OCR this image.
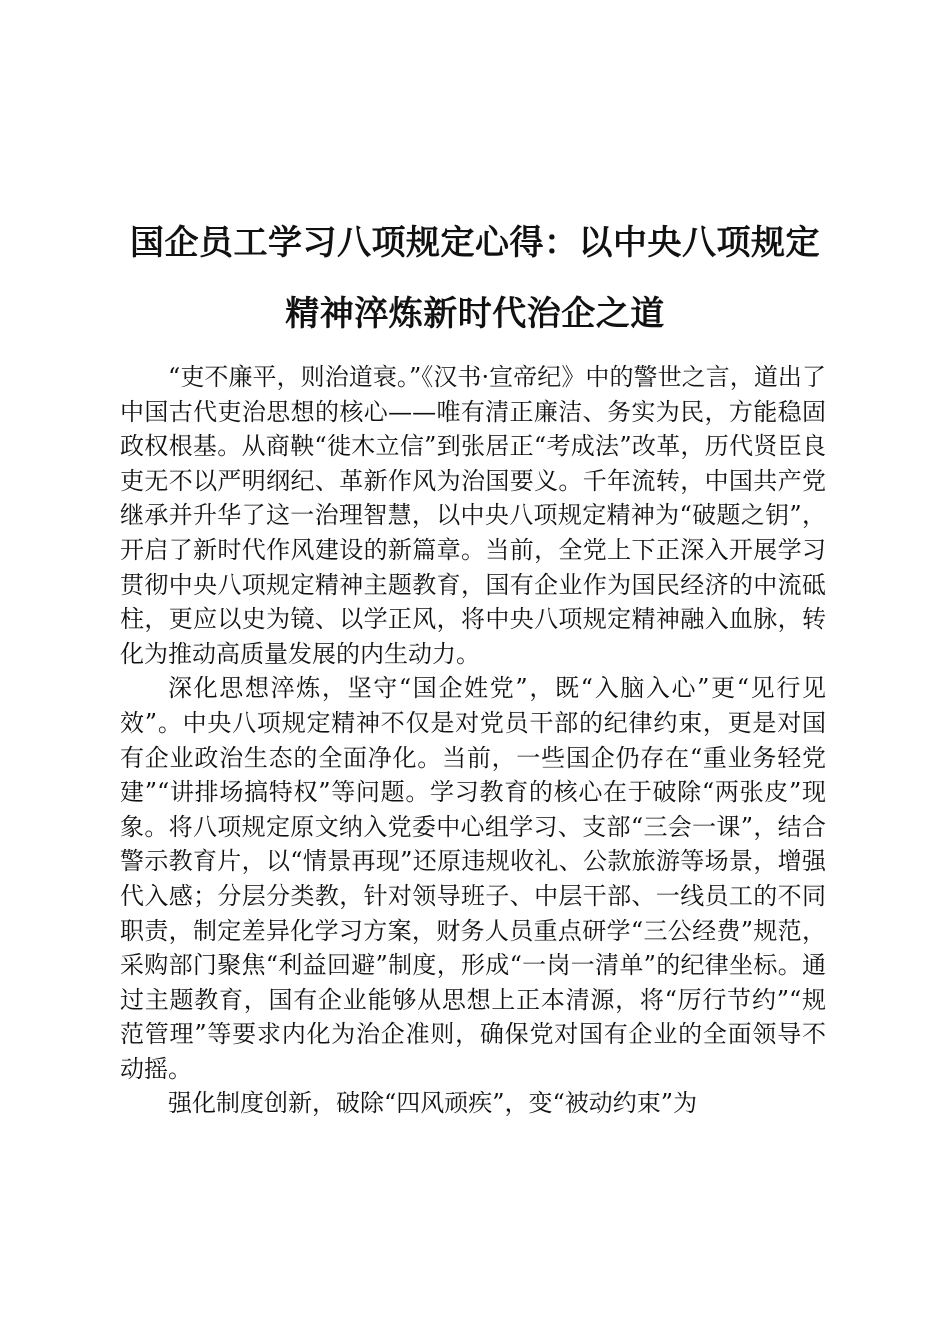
国企员工学习八项规定心得：以中央八项规定
精神淬炼新时代治企之道

“吏不廉平，则治道衰。”《汉书·宣帝纪》中的警世之言，道出了中国古代吏治思想的核心——唯有清正廉洁、务实为民，方能稳固政权根基。从商鞅“徙木立信”到张居正“考成法”改革，历代贤臣良吏无不以严明纲纪、革新作风为治国要义。千年流转，中国共产党继承并升华了这一治理智慧，以中央八项规定精神为“破题之钥”，开启了新时代作风建设的新篇章。当前，全党上下正深入开展学习贯彻中央八项规定精神主题教育，国有企业作为国民经济的中流砥柱，更应以史为镜、以学正风，将中央八项规定精神融入血脉，转化为推动高质量发展的内生动力。

深化思想淬炼，坚守“国企姓党”，既“入脑入心”更“见行见效”。中央八项规定精神不仅是对党员干部的纪律约束，更是对国有企业政治生态的全面净化。当前，一些国企仍存在“重业务轻党建”“讲排场搞特权”等问题。学习教育的核心在于破除“两张皮”现象。将八项规定原文纳入党委中心组学习、支部“三会一课”，结合警示教育片，以“情景再现”还原违规收礼、公款旅游等场景，增强代入感；分层分类教，针对领导班子、中层干部、一线员工的不同职责，制定差异化学习方案，财务人员重点研学“三公经费”规范，采购部门聚焦“利益回避”制度，形成“一岗一清单”的纪律坐标。通过主题教育，国有企业能够从思想上正本清源，将“厉行节约”“规范管理”等要求内化为治企准则，确保党对国有企业的全面领导不动摇。

强化制度创新，破除“四风顽疾”，变“被动约束”为
